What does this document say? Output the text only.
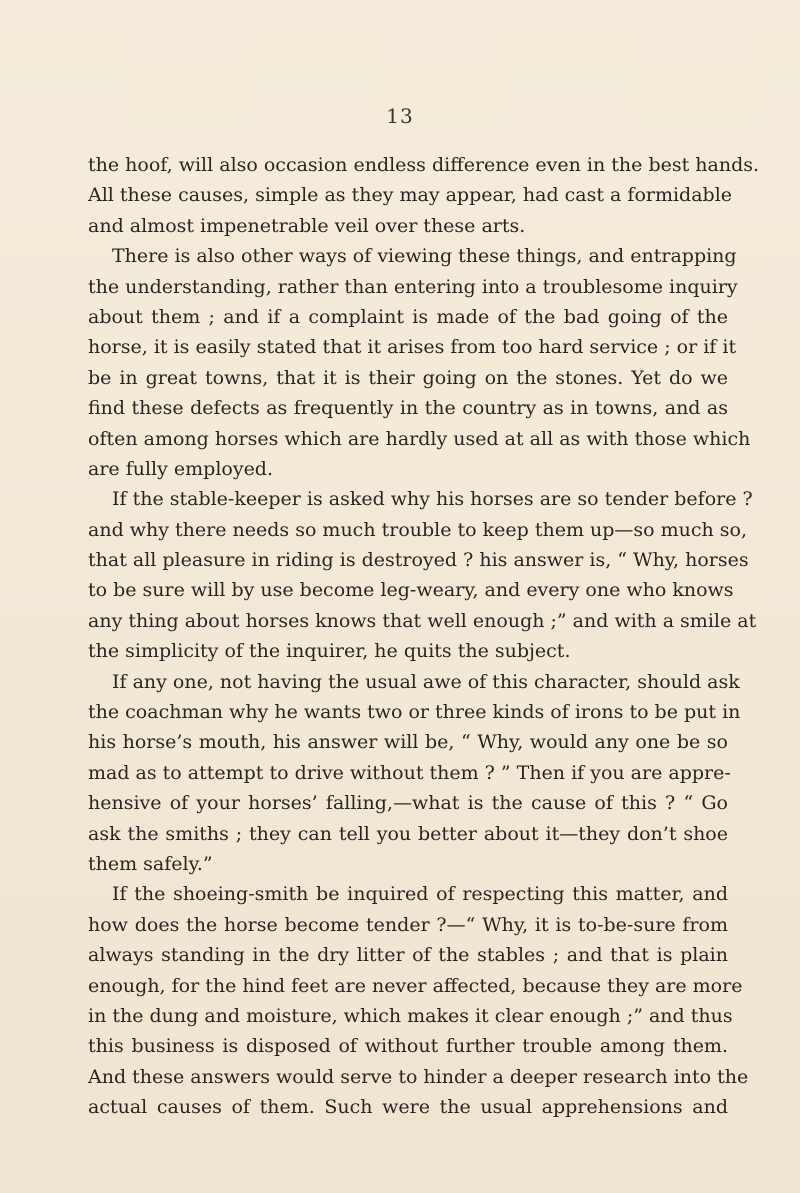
13
the hoof, will also occasion endless difference even in the best hands.
All these causes, simple as they may appear, had cast a formidable
and almost impenetrable veil over these arts.
There is also other ways of viewing these things, and entrapping
the understanding, rather than entering into a troublesome inquiry
about them ; and if a complaint is made of the bad going of the
horse, it is easily stated that it arises from too hard service ; or if it
be in great towns, that it is their going on the stones. Yet do we
find these defects as frequently in the country as in towns, and as
often among horses which are hardly used at all as with those which
are fully employed.
If the stable-keeper is asked why his horses are so tender before ?
and why there needs so much trouble to keep them up—so much so,
that all pleasure in riding is destroyed ? his answer is, “ Why, horses
to be sure will by use become leg-weary, and every one who knows
any thing about horses knows that well enough ;” and with a smile at
the simplicity of the inquirer, he quits the subject.
If any one, not having the usual awe of this character, should ask
the coachman why he wants two or three kinds of irons to be put in
his horse’s mouth, his answer will be, “ Why, would any one be so
mad as to attempt to drive without them ? ” Then if you are appre-
hensive of your horses’ falling,—what is the cause of this ? “ Go
ask the smiths ; they can tell you better about it—they don’t shoe
them safely.”
If the shoeing-smith be inquired of respecting this matter, and
how does the horse become tender ?—“ Why, it is to-be-sure from
always standing in the dry litter of the stables ; and that is plain
enough, for the hind feet are never affected, because they are more
in the dung and moisture, which makes it clear enough ;” and thus
this business is disposed of without further trouble among them.
And these answers would serve to hinder a deeper research into the
actual causes of them. Such were the usual apprehensions and
